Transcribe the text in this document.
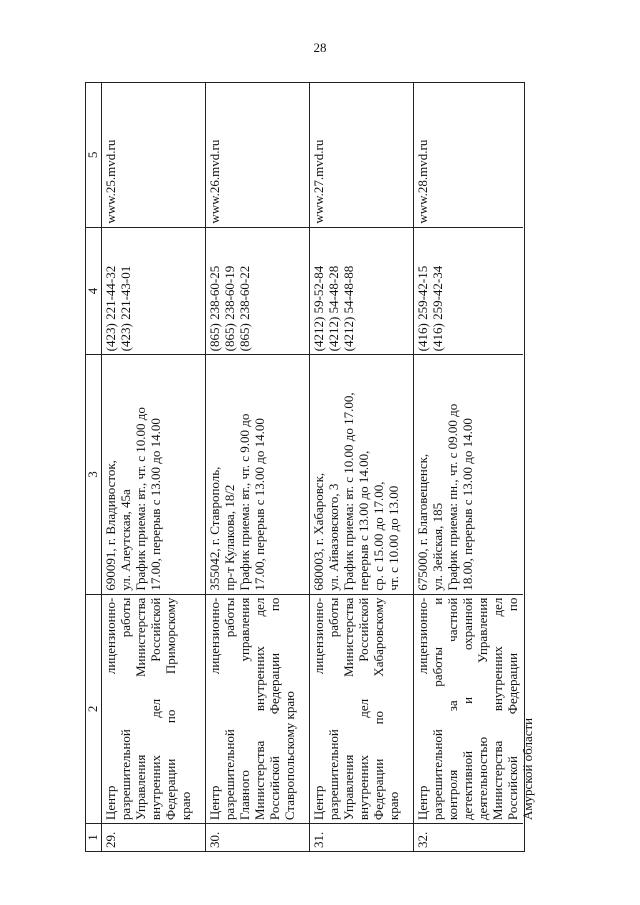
28
1
2
3
4
5
29.
Центр лицензионно- разрешительной работы Управления Министерства внутренних дел Российской Федерации по Приморскому краю
690091, г. Владивосток, ул. Алеутская, 45а График приема: вт., чт. с 10.00 до 17.00, перерыв с 13.00 до 14.00
(423) 221-44-32 (423) 221-43-01
www.25.mvd.ru
30.
Центр лицензионно- разрешительной работы Главного управления Министерства внутренних дел Российской Федерации по Ставропольскому краю
355042, г. Ставрополь, пр-т Кулакова, 18/2 График приема: вт., чт. с 9.00 до 17.00, перерыв с 13.00 до 14.00
(865) 238-60-25 (865) 238-60-19 (865) 238-60-22
www.26.mvd.ru
31.
Центр лицензионно- разрешительной работы Управления Министерства внутренних дел Российской Федерации по Хабаровскому краю
680003, г. Хабаровск, ул. Айвазовского, 3 График приема: вт. с 10.00 до 17.00, перерыв с 13.00 до 14.00, ср. с 15.00 до 17.00, чт. с 10.00 до 13.00
(4212) 59-52-84 (4212) 54-48-28 (4212) 54-48-88
www.27.mvd.ru
32.
Центр лицензионно- разрешительной работы и контроля за частной детективной и охранной деятельностью Управления Министерства внутренних дел Российской Федерации по Амурской области
675000, г. Благовещенск, ул. Зейская, 185 График приема: пн., чт. с 09.00 до 18.00, перерыв с 13.00 до 14.00
(416) 259-42-15 (416) 259-42-34
www.28.mvd.ru
